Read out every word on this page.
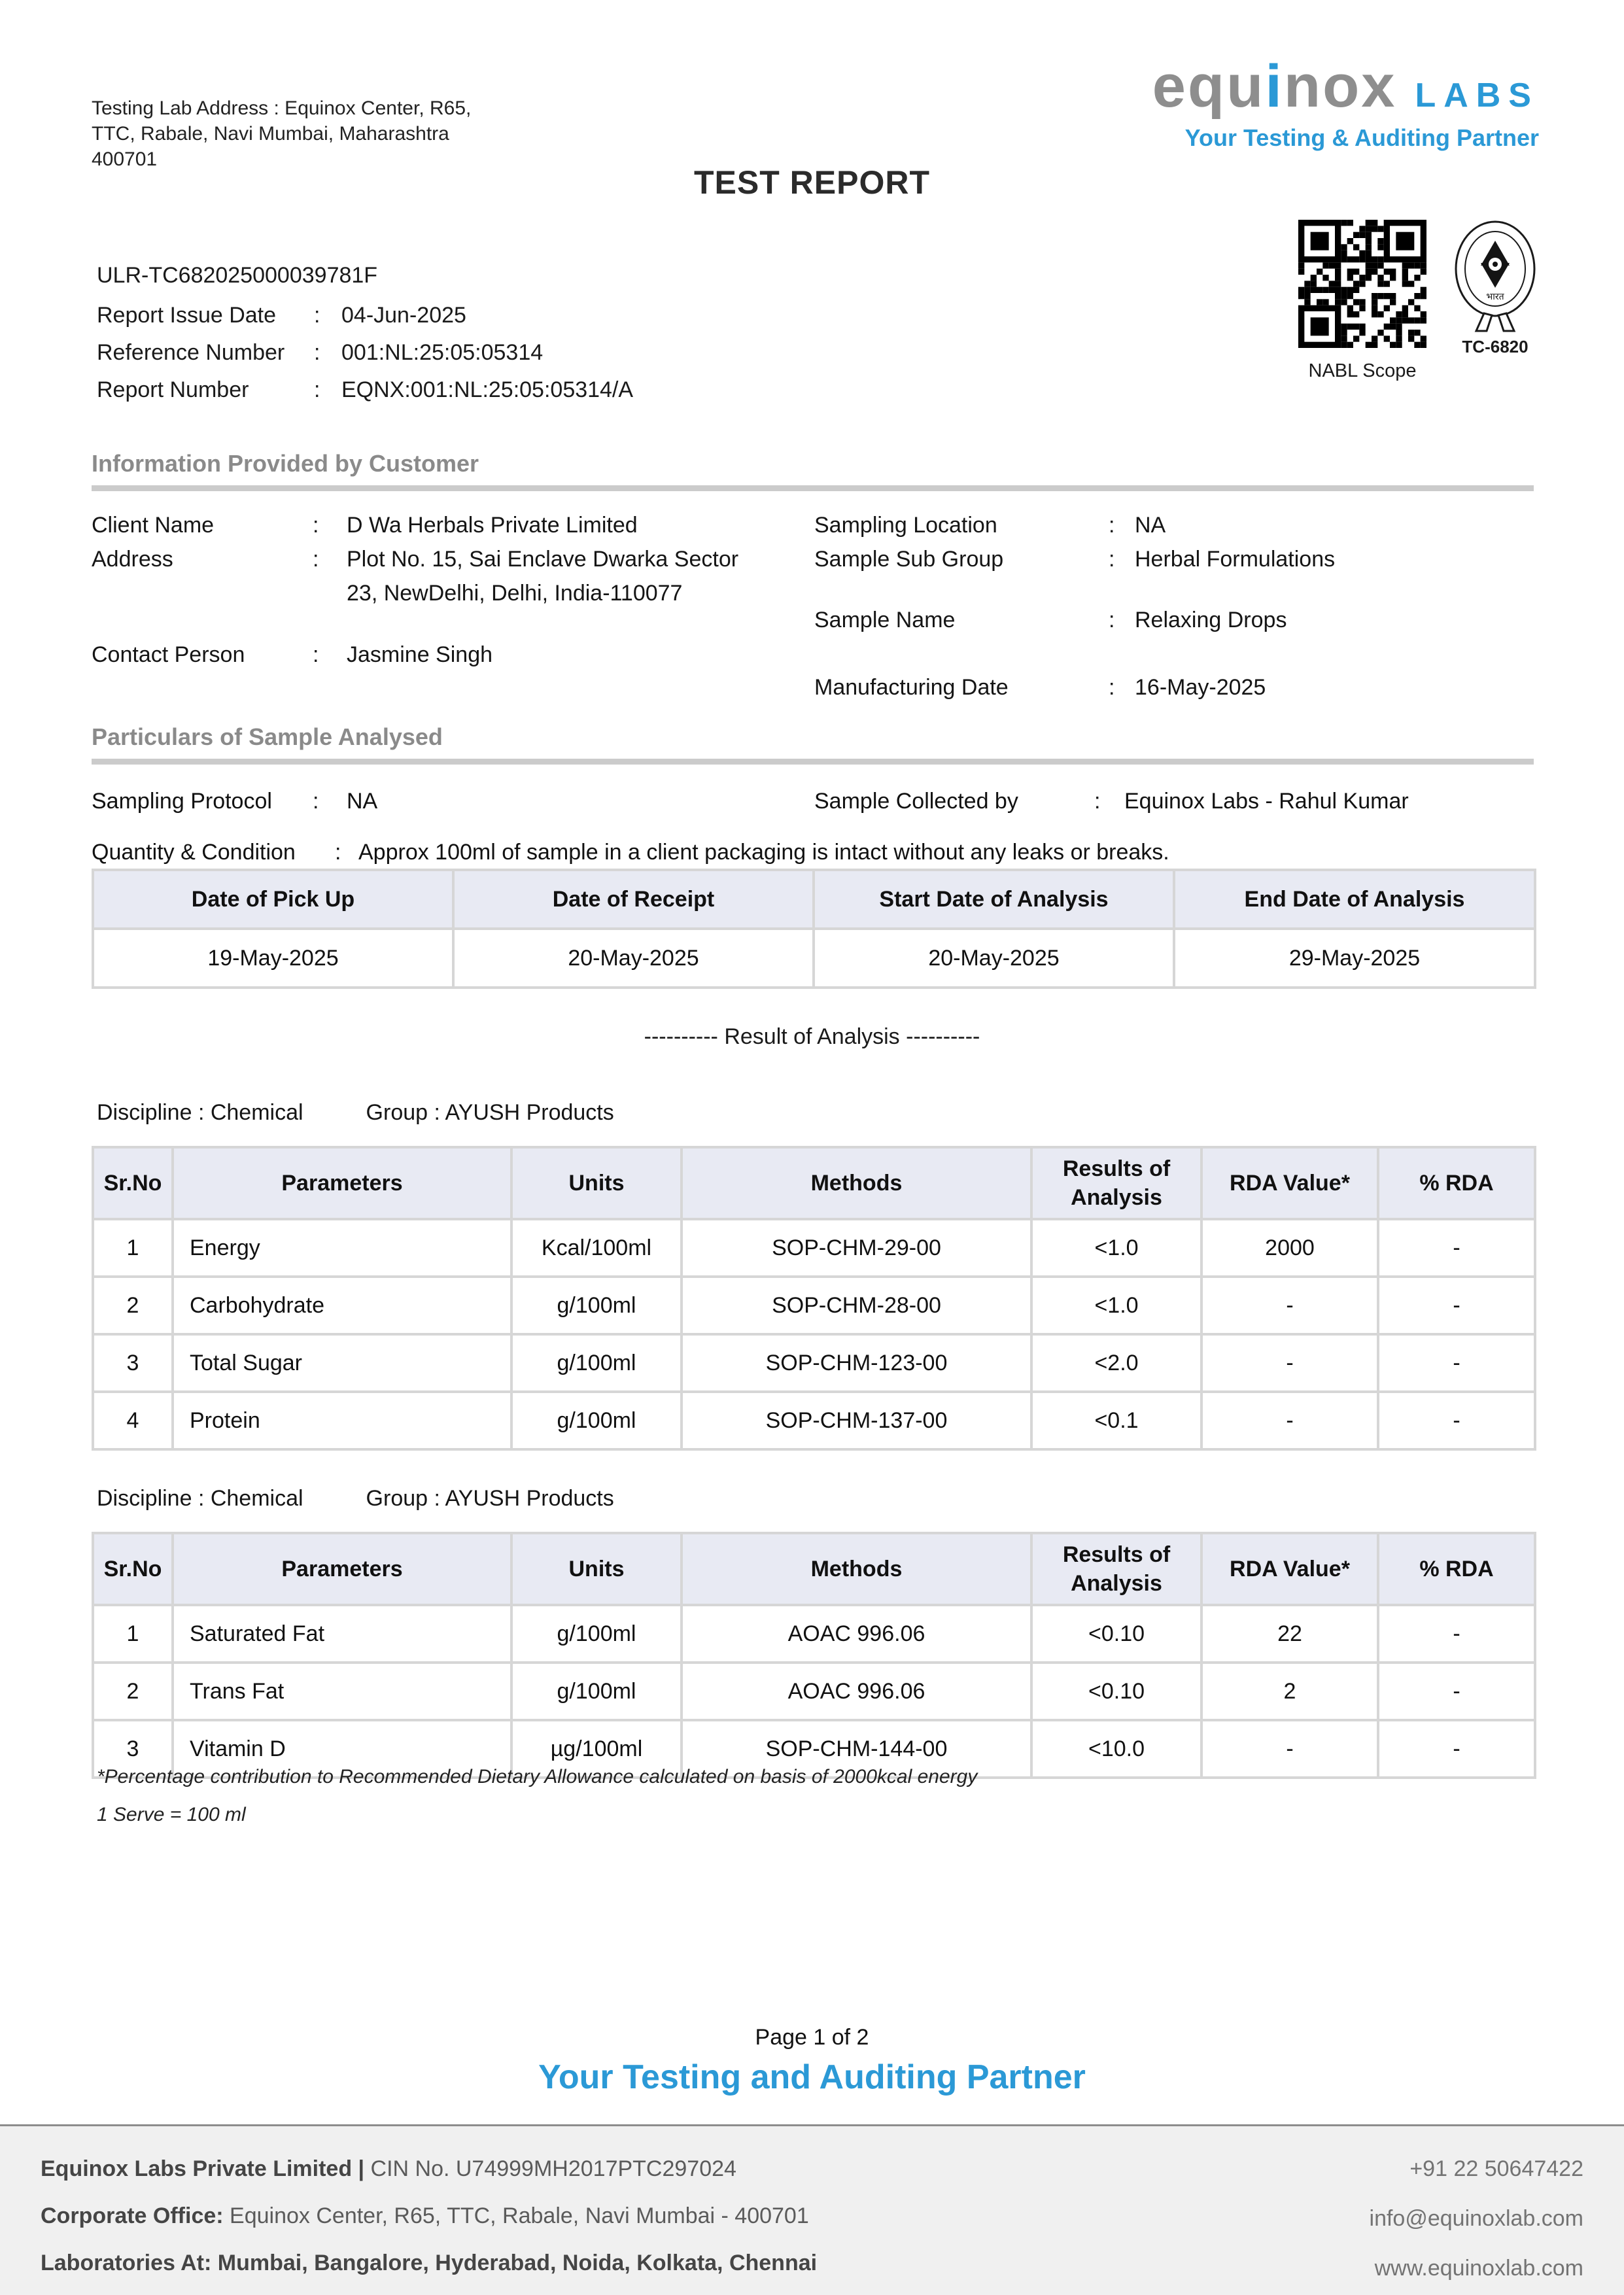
Testing Lab Address : Equinox Center, R65,
TTC, Rabale, Navi Mumbai, Maharashtra
400701
TEST REPORT
equinox LABS
Your Testing & Auditing Partner
NABL Scope
भारत
TC-6820
ULR-TC682025000039781F
Report Issue Date	: 04-Jun-2025
Reference Number	: 001:NL:25:05:05314
Report Number	: EQNX:001:NL:25:05:05314/A
Information Provided by Customer
Client Name	:	D Wa Herbals Private Limited
Address	:	Plot No. 15, Sai Enclave Dwarka Sector 23, NewDelhi, Delhi, India-110077
Contact Person	:	Jasmine Singh
Sampling Location	: NA
Sample Sub Group	: Herbal Formulations
Sample Name	: Relaxing Drops
Manufacturing Date	: 16-May-2025
Particulars of Sample Analysed
Sampling Protocol	:	NA	Sample Collected by	:	Equinox Labs - Rahul Kumar
Quantity & Condition	: Approx 100ml of sample in a client packaging is intact without any leaks or breaks.
Date of Pick Up	Date of Receipt	Start Date of Analysis	End Date of Analysis
19-May-2025	20-May-2025	20-May-2025	29-May-2025
---------- Result of Analysis ----------
Discipline : Chemical	Group : AYUSH Products
Sr.No	Parameters	Units	Methods	Results of Analysis	RDA Value*	% RDA
1	Energy	Kcal/100ml	SOP-CHM-29-00	<1.0	2000	-
2	Carbohydrate	g/100ml	SOP-CHM-28-00	<1.0	-	-
3	Total Sugar	g/100ml	SOP-CHM-123-00	<2.0	-	-
4	Protein	g/100ml	SOP-CHM-137-00	<0.1	-	-
Discipline : Chemical	Group : AYUSH Products
Sr.No	Parameters	Units	Methods	Results of Analysis	RDA Value*	% RDA
1	Saturated Fat	g/100ml	AOAC 996.06	<0.10	22	-
2	Trans Fat	g/100ml	AOAC 996.06	<0.10	2	-
3	Vitamin D	µg/100ml	SOP-CHM-144-00	<10.0	-	-
*Percentage contribution to Recommended Dietary Allowance calculated on basis of 2000kcal energy
1 Serve = 100 ml
Page 1 of 2
Your Testing and Auditing Partner
Equinox Labs Private Limited | CIN No. U74999MH2017PTC297024
Corporate Office: Equinox Center, R65, TTC, Rabale, Navi Mumbai - 400701
Laboratories At: Mumbai, Bangalore, Hyderabad, Noida, Kolkata, Chennai
+91 22 50647422
info@equinoxlab.com
www.equinoxlab.com
